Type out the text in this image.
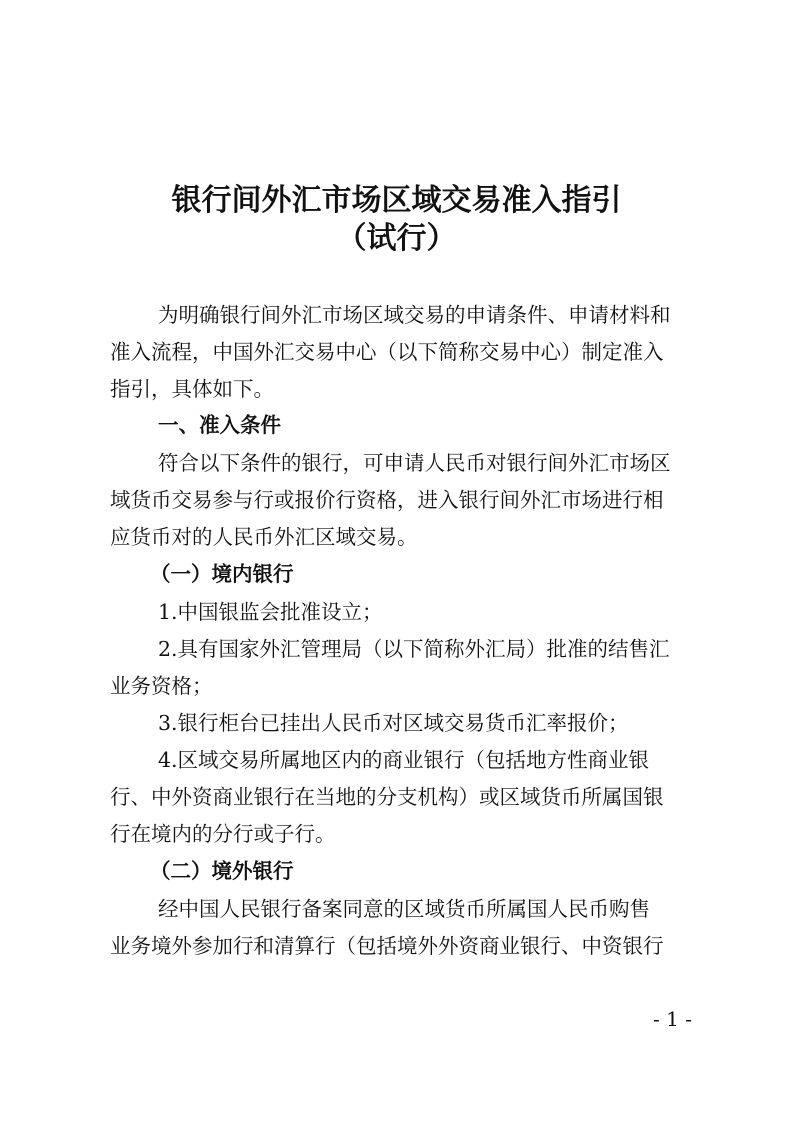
银行间外汇市场区域交易准入指引
（试行）
为明确银行间外汇市场区域交易的申请条件、申请材料和
准入流程，中国外汇交易中心（以下简称交易中心）制定准入
指引，具体如下。
一、准入条件
符合以下条件的银行，可申请人民币对银行间外汇市场区
域货币交易参与行或报价行资格，进入银行间外汇市场进行相
应货币对的人民币外汇区域交易。
（一）境内银行
1.中国银监会批准设立；
2.具有国家外汇管理局（以下简称外汇局）批准的结售汇
业务资格；
3.银行柜台已挂出人民币对区域交易货币汇率报价；
4.区域交易所属地区内的商业银行（包括地方性商业银
行、中外资商业银行在当地的分支机构）或区域货币所属国银
行在境内的分行或子行。
（二）境外银行
经中国人民银行备案同意的区域货币所属国人民币购售
业务境外参加行和清算行（包括境外外资商业银行、中资银行
- 1 -
